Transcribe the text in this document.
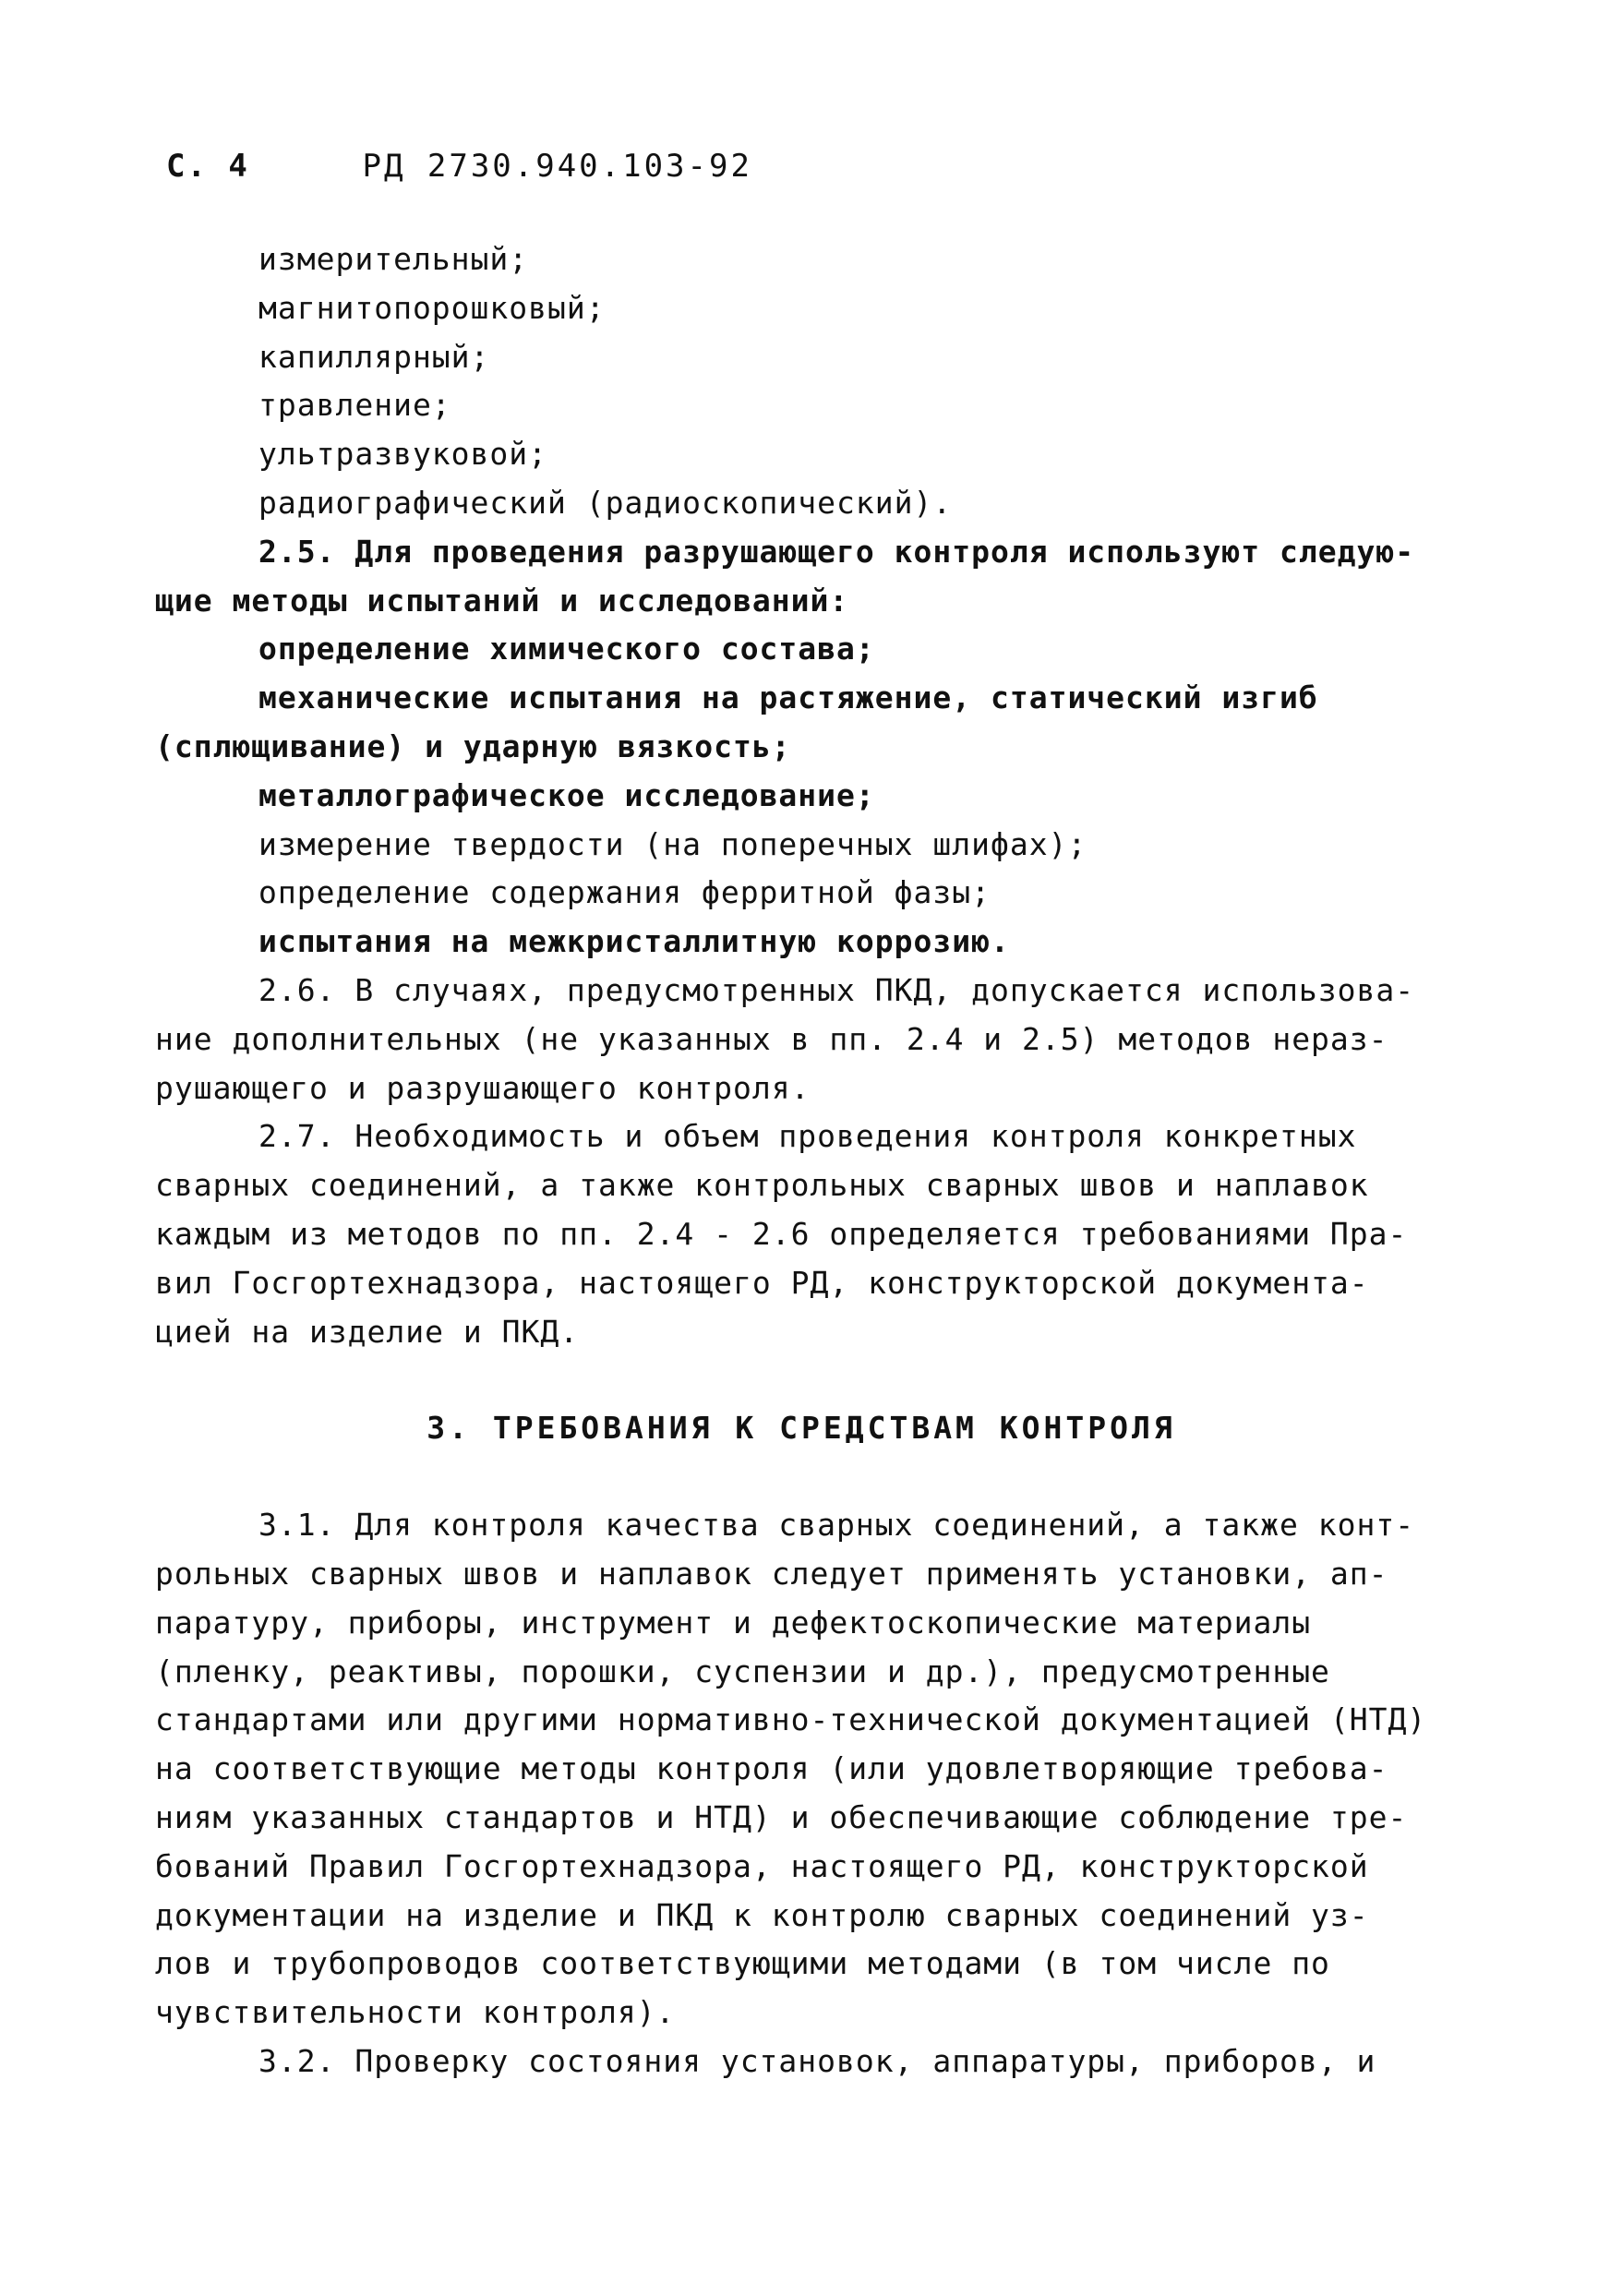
С. 4	РД 2730.940.103-92
измерительный;
магнитопорошковый;
капиллярный;
травление;
ультразвуковой;
радиографический (радиоскопический).
2.5. Для проведения разрушающего контроля используют следую-
щие методы испытаний и исследований:
определение химического состава;
механические испытания на растяжение, статический изгиб
(сплющивание) и ударную вязкость;
металлографическое исследование;
измерение твердости (на поперечных шлифах);
определение содержания ферритной фазы;
испытания на межкристаллитную коррозию.
2.6. В случаях, предусмотренных ПКД, допускается использова-
ние дополнительных (не указанных в пп. 2.4 и 2.5) методов нераз-
рушающего и разрушающего контроля.
2.7. Необходимость и объем проведения контроля конкретных
сварных соединений, а также контрольных сварных швов и наплавок
каждым из методов по пп. 2.4 - 2.6 определяется требованиями Пра-
вил Госгортехнадзора, настоящего РД, конструкторской документа-
цией на изделие и ПКД.
3. ТРЕБОВАНИЯ К СРЕДСТВАМ КОНТРОЛЯ
3.1. Для контроля качества сварных соединений, а также конт-
рольных сварных швов и наплавок следует применять установки, ап-
паратуру, приборы, инструмент и дефектоскопические материалы
(пленку, реактивы, порошки, суспензии и др.), предусмотренные
стандартами или другими нормативно-технической документацией (НТД)
на соответствующие методы контроля (или удовлетворяющие требова-
ниям указанных стандартов и НТД) и обеспечивающие соблюдение тре-
бований Правил Госгортехнадзора, настоящего РД, конструкторской
документации на изделие и ПКД к контролю сварных соединений уз-
лов и трубопроводов соответствующими методами (в том числе по
чувствительности контроля).
3.2. Проверку состояния установок, аппаратуры, приборов, и
